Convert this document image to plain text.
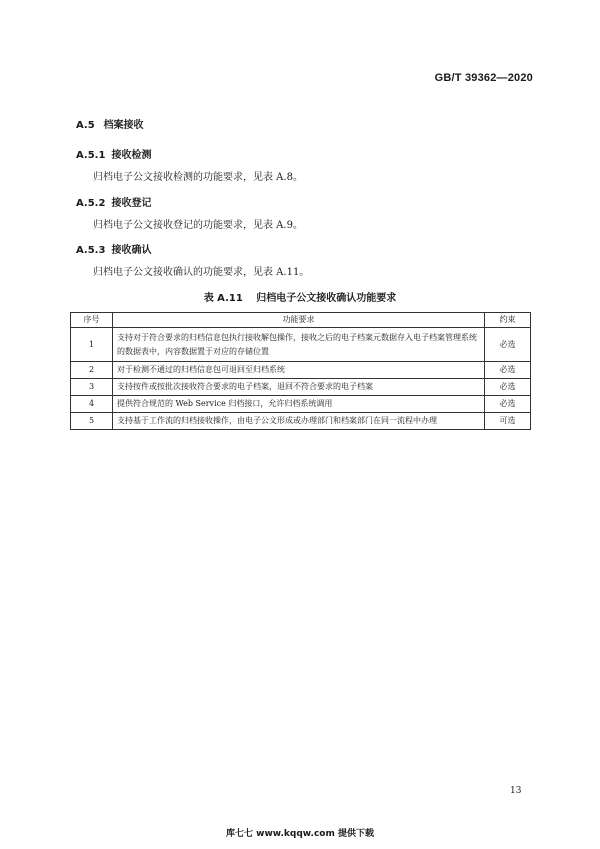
GB/T 39362—2020
A.5 档案接收
A.5.1 接收检测
归档电子公文接收检测的功能要求，见表 A.8。
A.5.2 接收登记
归档电子公文接收登记的功能要求，见表 A.9。
A.5.3 接收确认
归档电子公文接收确认的功能要求，见表 A.11。
表 A.11 归档电子公文接收确认功能要求
序号	功能要求	约束
1	支持对于符合要求的归档信息包执行接收解包操作，接收之后的电子档案元数据存入电子档案管理系统的数据表中，内容数据置于对应的存储位置	必选
2	对于检测不通过的归档信息包可退回至归档系统	必选
3	支持按件或按批次接收符合要求的电子档案，退回不符合要求的电子档案	必选
4	提供符合规范的 Web Service 归档接口，允许归档系统调用	必选
5	支持基于工作流的归档接收操作，由电子公文形成或办理部门和档案部门在同一流程中办理	可选
13
库七七 www.kqqw.com 提供下载
